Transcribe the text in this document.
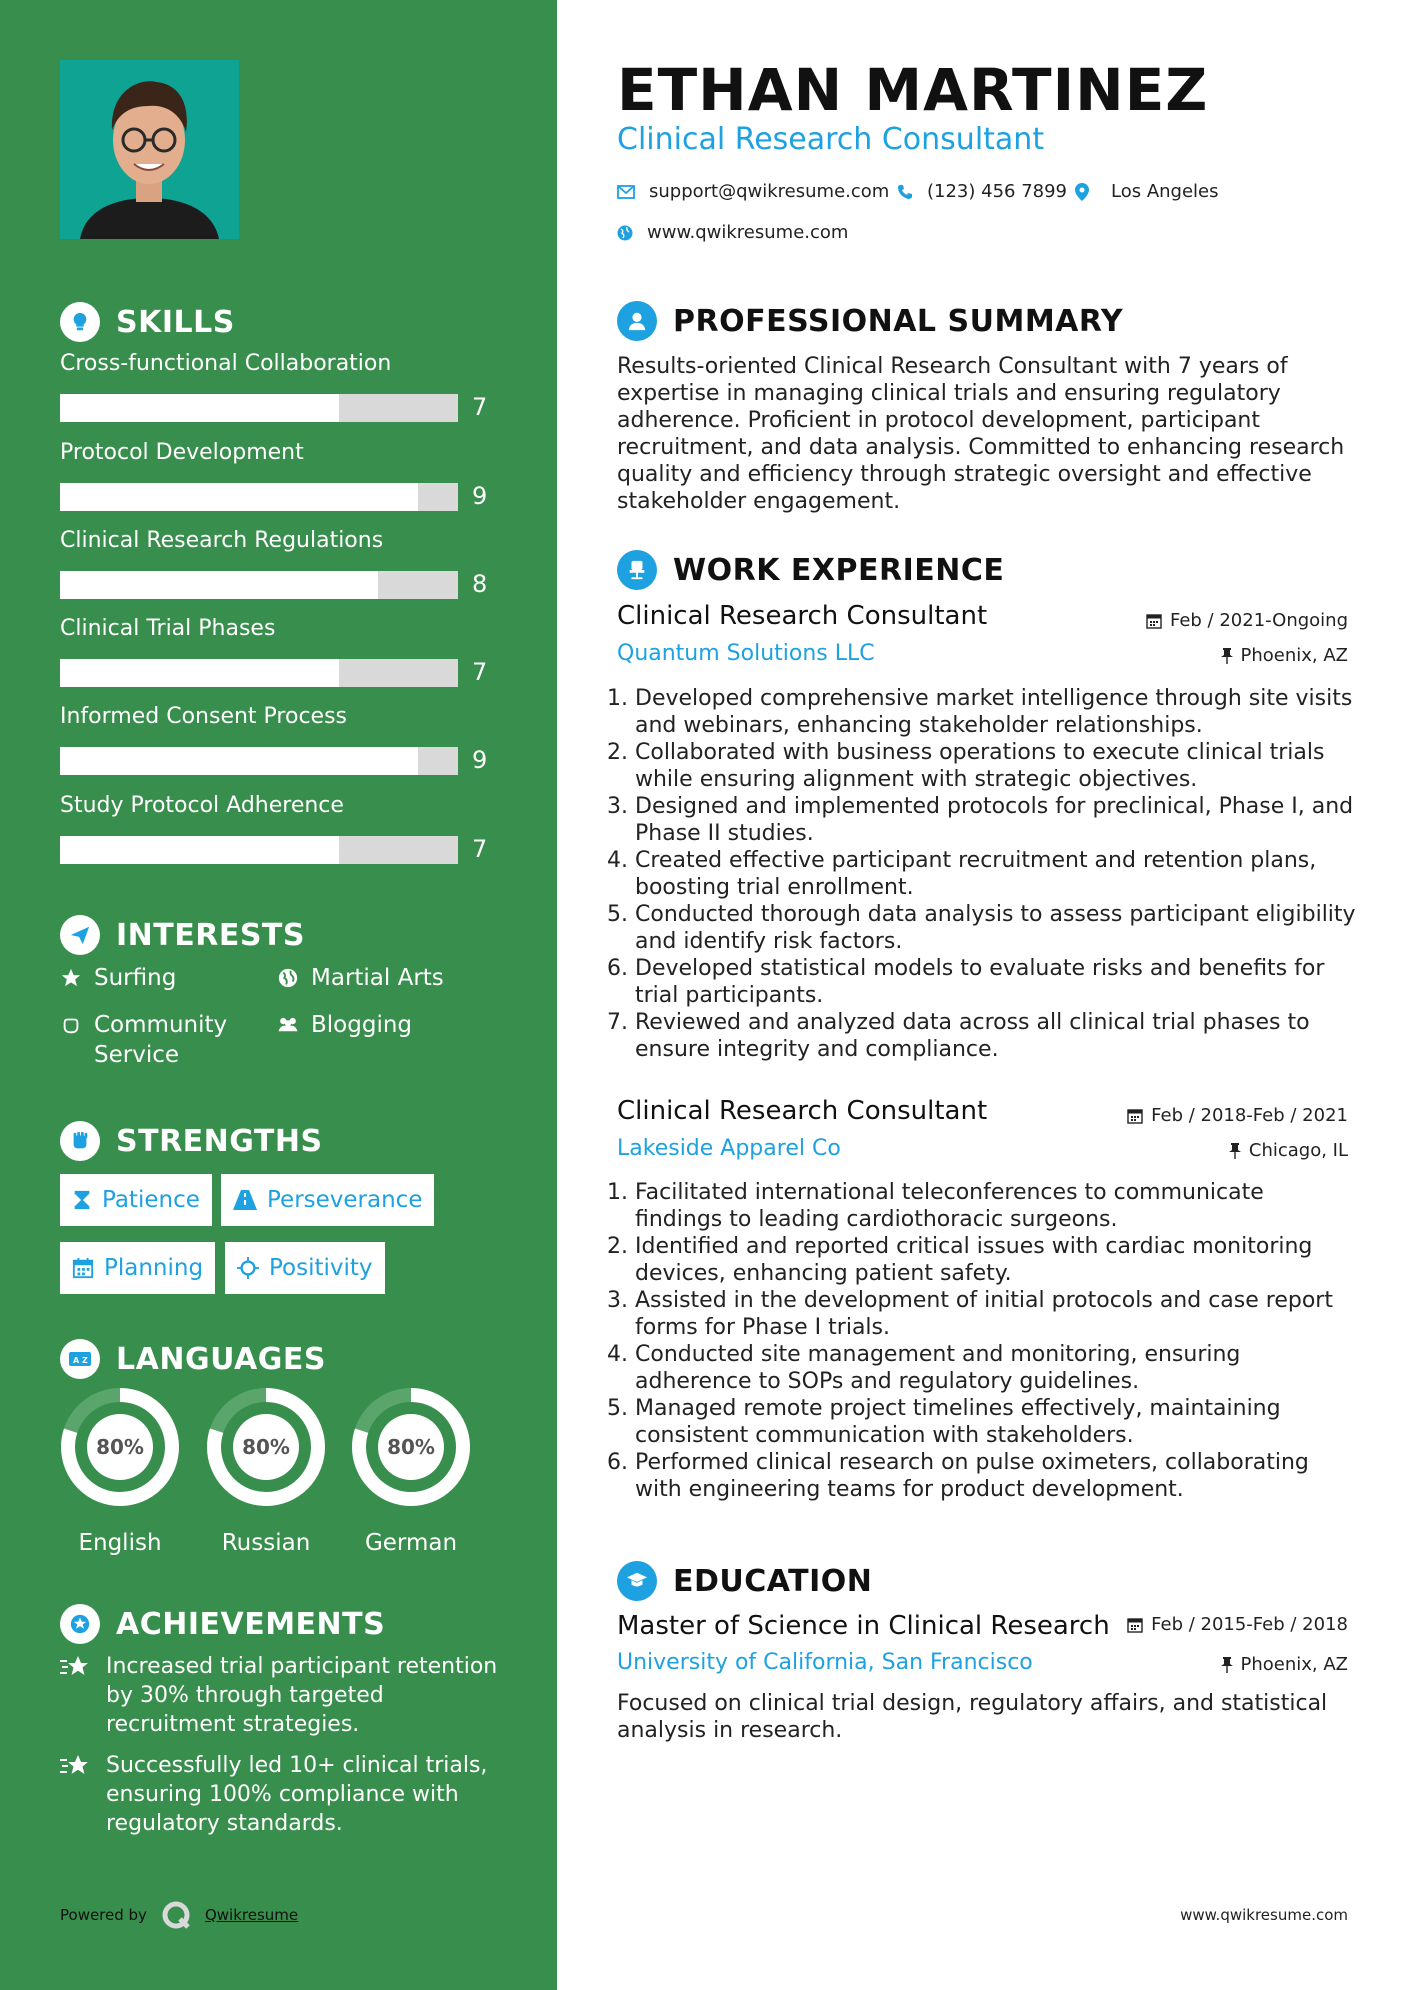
SKILLS
Cross-functional Collaboration
7
Protocol Development
9
Clinical Research Regulations
8
Clinical Trial Phases
7
Informed Consent Process
9
Study Protocol Adherence
7
INTERESTS
Surfing	Martial Arts
Community Service
Blogging
STRENGTHS
Patience	Perseverance
Planning	Positivity
A Z LANGUAGES
80%
English
80%
Russian
80%
German
ACHIEVEMENTS
Increased trial participant retention by 30% through targeted recruitment strategies.
Successfully led 10+ clinical trials, ensuring 100% compliance with regulatory standards.
Powered by	Qwikresume
ETHAN MARTINEZ
Clinical Research Consultant
support@qwikresume.com (123) 456 7899 Los Angeles
www.qwikresume.com
PROFESSIONAL SUMMARY
Results-oriented Clinical Research Consultant with 7 years of expertise in managing clinical trials and ensuring regulatory adherence. Proficient in protocol development, participant recruitment, and data analysis. Committed to enhancing research quality and efficiency through strategic oversight and effective stakeholder engagement.
WORK EXPERIENCE
Clinical Research Consultant	Feb / 2021-Ongoing
Quantum Solutions LLC	Phoenix, AZ
1. Developed comprehensive market intelligence through site visits and webinars, enhancing stakeholder relationships.
2. Collaborated with business operations to execute clinical trials while ensuring alignment with strategic objectives.
3. Designed and implemented protocols for preclinical, Phase I, and Phase II studies.
4. Created effective participant recruitment and retention plans, boosting trial enrollment.
5. Conducted thorough data analysis to assess participant eligibility and identify risk factors.
6. Developed statistical models to evaluate risks and benefits for trial participants.
7. Reviewed and analyzed data across all clinical trial phases to ensure integrity and compliance.
Clinical Research Consultant	Feb / 2018-Feb / 2021
Lakeside Apparel Co	Chicago, IL
1. Facilitated international teleconferences to communicate findings to leading cardiothoracic surgeons.
2. Identified and reported critical issues with cardiac monitoring devices, enhancing patient safety.
3. Assisted in the development of initial protocols and case report forms for Phase I trials.
4. Conducted site management and monitoring, ensuring adherence to SOPs and regulatory guidelines.
5. Managed remote project timelines effectively, maintaining consistent communication with stakeholders.
6. Performed clinical research on pulse oximeters, collaborating with engineering teams for product development.
EDUCATION
Master of Science in Clinical Research Feb / 2015-Feb / 2018
University of California, San Francisco	Phoenix, AZ
Focused on clinical trial design, regulatory affairs, and statistical analysis in research.
www.qwikresume.com
